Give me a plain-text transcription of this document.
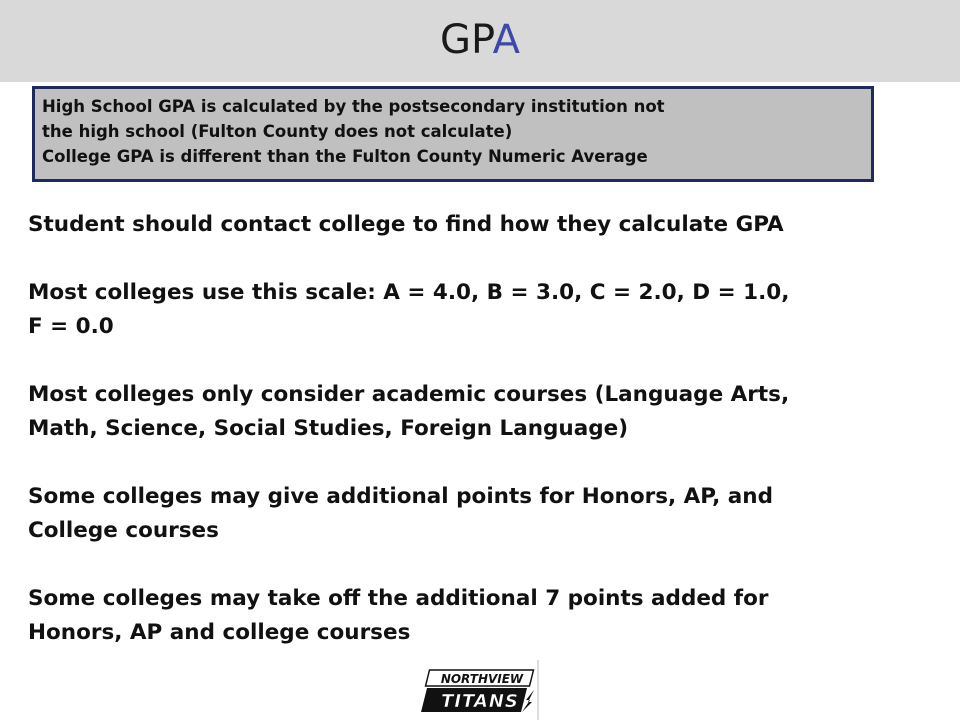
GPA
High School GPA is calculated by the postsecondary institution not
the high school (Fulton County does not calculate)
College GPA is different than the Fulton County Numeric Average
Student should contact college to find how they calculate GPA
Most colleges use this scale: A = 4.0, B = 3.0, C = 2.0, D = 1.0,
F = 0.0
Most colleges only consider academic courses (Language Arts,
Math, Science, Social Studies, Foreign Language)
Some colleges may give additional points for Honors, AP, and
College courses
Some colleges may take off the additional 7 points added for
Honors, AP and college courses
NORTHVIEW
TITANS
